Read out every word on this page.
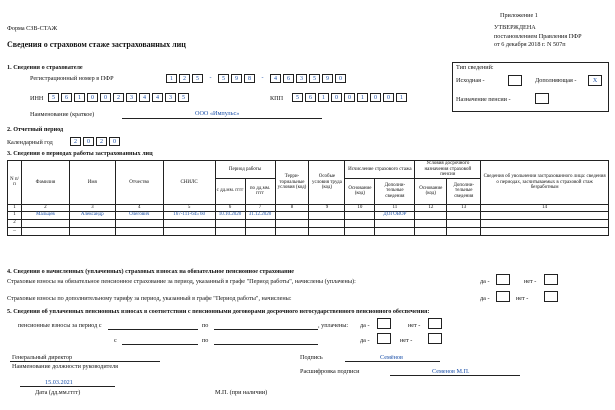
Форма СЗВ-СТАЖ
Приложение 1
УТВЕРЖДЕНА
постановлением Правления ПФР
от 6 декабря 2018 г. N 507п
Сведения о страховом стаже застрахованных лиц
1. Сведения о страхователе
Регистрационный номер в ПФР	1	2	5	-	5	9	8	-	4	6	3	5	9	0
ИНН	5	6	1	0	0	2	3	4	4	3	5	КПП	5	6	1	0	0	1	0	0	1
Наименование (краткое)	ООО «Импульс»
Тип сведений:
Исходная -	Дополняющая -	X
Назначение пенсии -
2. Отчетный период
Календарный год	2	0	2	0
3. Сведения о периодах работы застрахованных лиц
N п/п	Фамилия	Имя	Отчество	СНИЛС	Период работы		Терри-ториальные условия (код)	Особые условия труда (код)	Исчисление страхового стажа		Условия досрочного назначения страховой пенсии		Сведения об увольнении застрахованного лица: сведения о периодах, засчитываемых в страховой стаж безработным
					с дд.мм. гггг	по дд.мм. гггг			Основание (код)	Дополни-тельные сведения	Основание (код)	Дополни-тельные сведения	
1	2	3	4	5	6	7	8	9	10	11	12	13	14
1	Мальцев	Александр	Олегович	167-111-645 60	10.10.2020	31.12.2020				ДОГОВОР			
2													
...													
4. Сведения о начисленных (уплаченных) страховых взносах на обязательное пенсионное страхование
Страховые взносы на обязательное пенсионное страхование за период, указанный в графе "Период работы", начислены (уплачены):	да -	нет -
Страховые взносы по дополнительному тарифу за период, указанный в графе "Период работы", начислены:	да -	нет -
5. Сведения об уплаченных пенсионных взносах в соответствии с пенсионными договорами досрочного негосударственного пенсионного обеспечения:
пенсионные взносы за период с	по	, уплачены: да -	нет -
с	по	да -	нет -
Генеральный директор
Наименование должности руководителя
Подпись	Семёнов
Расшифровка подписи	Семенов М.П.
15.03.2021
Дата (дд.мм.гггг)	М.П. (при наличии)
